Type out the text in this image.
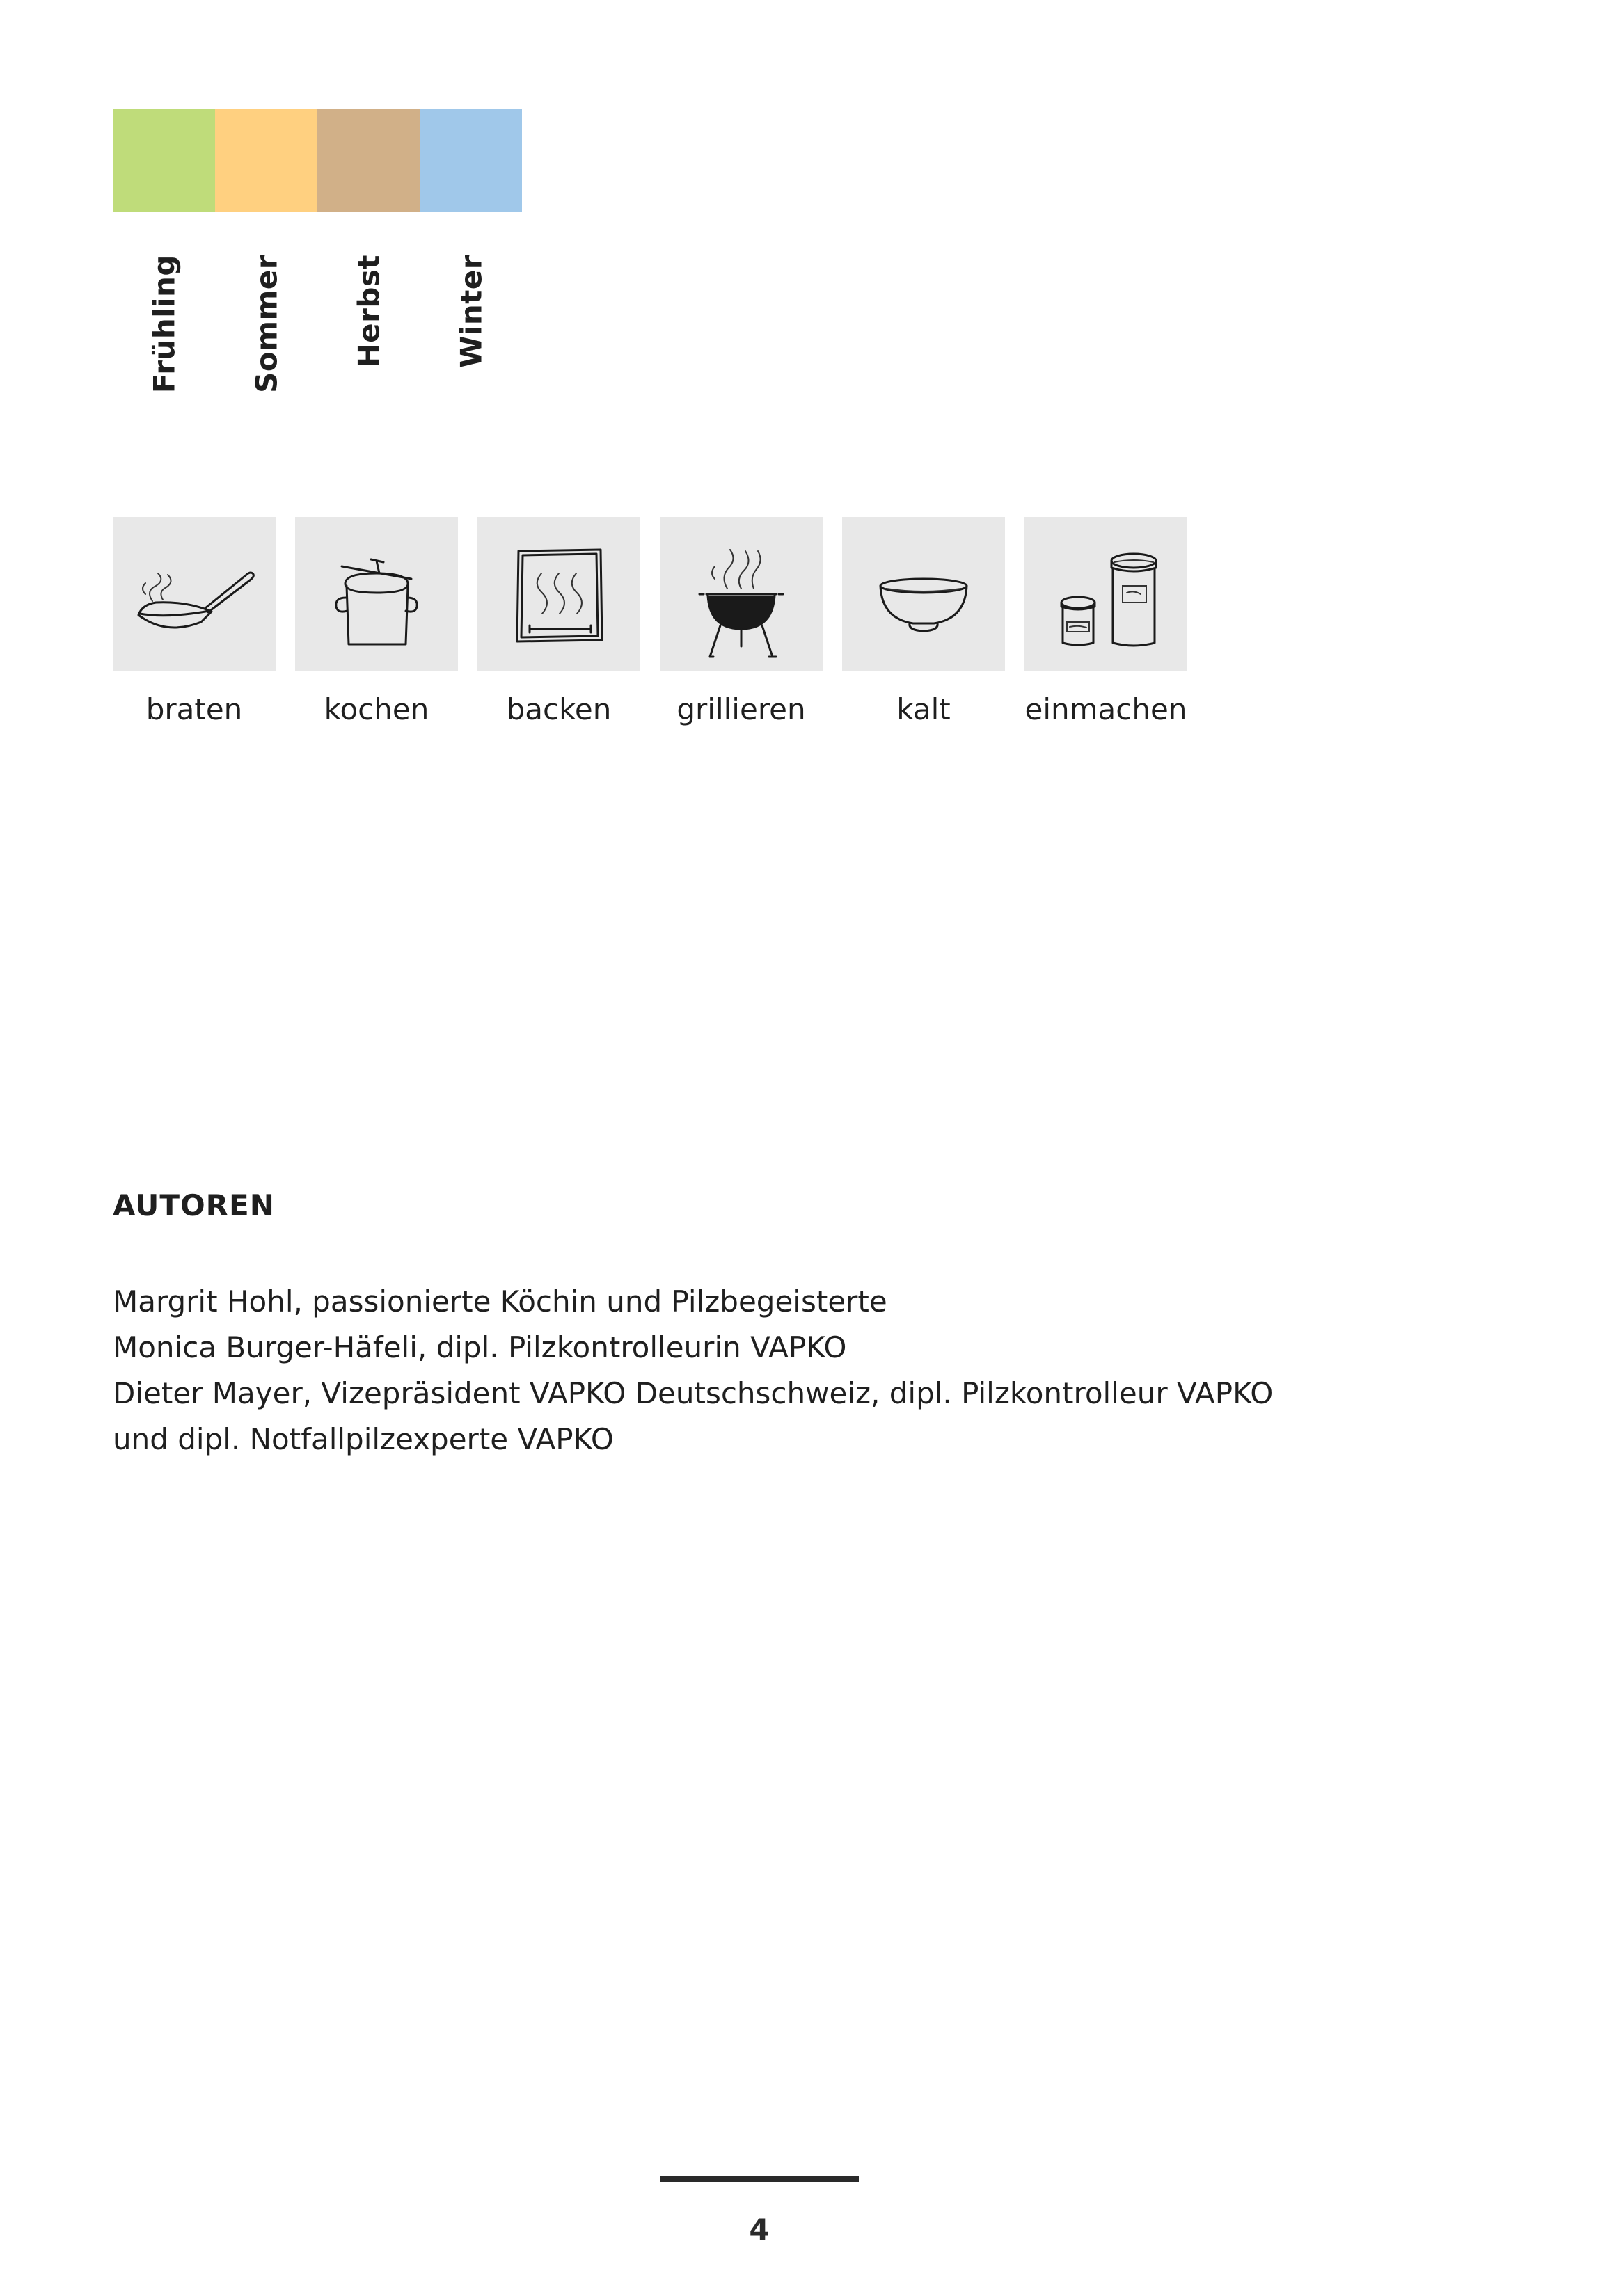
Frühling Sommer Herbst Winter
braten	kochen	backen grillieren	kalt	einmachen
AUTOREN
Margrit Hohl, passionierte Köchin und Pilzbegeisterte
Monica Burger-Häfeli, dipl. Pilzkontrolleurin VAPKO
Dieter Mayer, Vizepräsident VAPKO Deutschschweiz, dipl. Pilzkontrolleur VAPKO
und dipl. Notfallpilzexperte VAPKO
4
